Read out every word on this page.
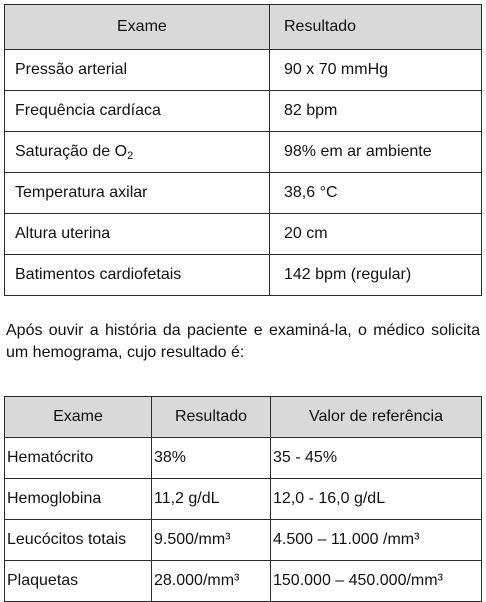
Exame	Resultado
Pressão arterial	90 x 70 mmHg
Frequência cardíaca	82 bpm
Saturação de $O_2$	98% em ar ambiente
Temperatura axilar	38,6 °C
Altura uterina	20 cm
Batimentos cardiofetais	142 bpm (regular)

Após ouvir a história da paciente e examiná-la, o médico solicita um hemograma, cujo resultado é:

Exame	Resultado	Valor de referência
Hematócrito	38%	35 - 45%
Hemoglobina	11,2 g/dL	12,0 - 16,0 g/dL
Leucócitos totais	9.500/mm³	4.500 – 11.000 /mm³
Plaquetas	28.000/mm³	150.000 – 450.000/mm³
